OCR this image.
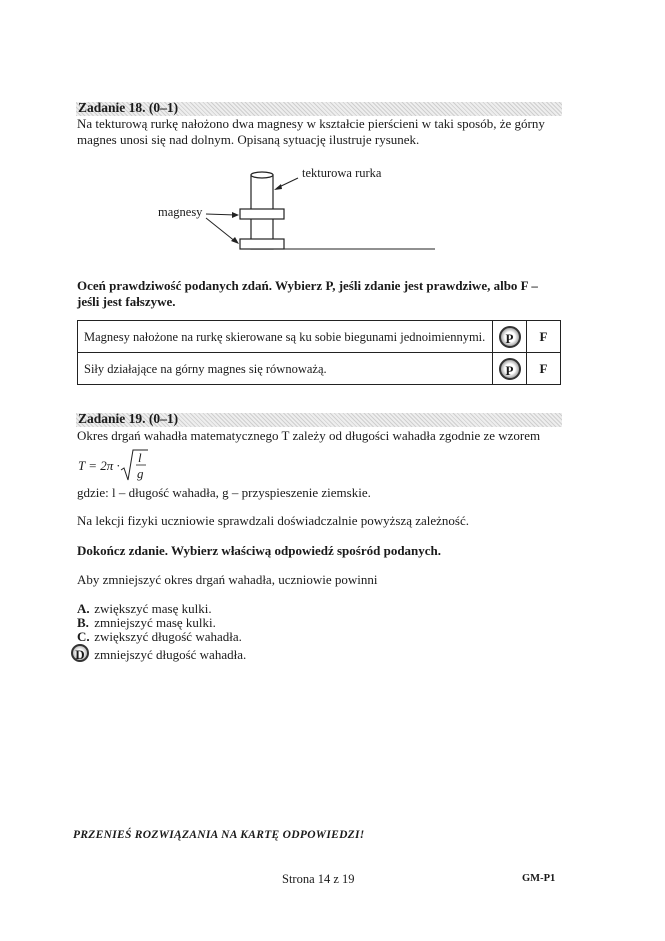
Zadanie 18. (0–1)
Na tekturową rurkę nałożono dwa magnesy w kształcie pierścieni w taki sposób, że górny magnes unosi się nad dolnym. Opisaną sytuację ilustruje rysunek.
tekturowa rurka
magnesy
Oceń prawdziwość podanych zdań. Wybierz P, jeśli zdanie jest prawdziwe, albo F – jeśli jest fałszywe.
Magnesy nałożone na rurkę skierowane są ku sobie biegunami jednoimiennymi.	P	F
Siły działające na górny magnes się równoważą.	P	F
Zadanie 19. (0–1)
Okres drgań wahadła matematycznego T zależy od długości wahadła zgodnie ze wzorem
T = 2π ·
l
g
gdzie: l – długość wahadła, g – przyspieszenie ziemskie.
Na lekcji fizyki uczniowie sprawdzali doświadczalnie powyższą zależność.
Dokończ zdanie. Wybierz właściwą odpowiedź spośród podanych.
Aby zmniejszyć okres drgań wahadła, uczniowie powinni
A. zwiększyć masę kulki.
B. zmniejszyć masę kulki.
C. zwiększyć długość wahadła.
D zmniejszyć długość wahadła.
PRZENIEŚ ROZWIĄZANIA NA KARTĘ ODPOWIEDZI!
Strona 14 z 19	GM-P1
